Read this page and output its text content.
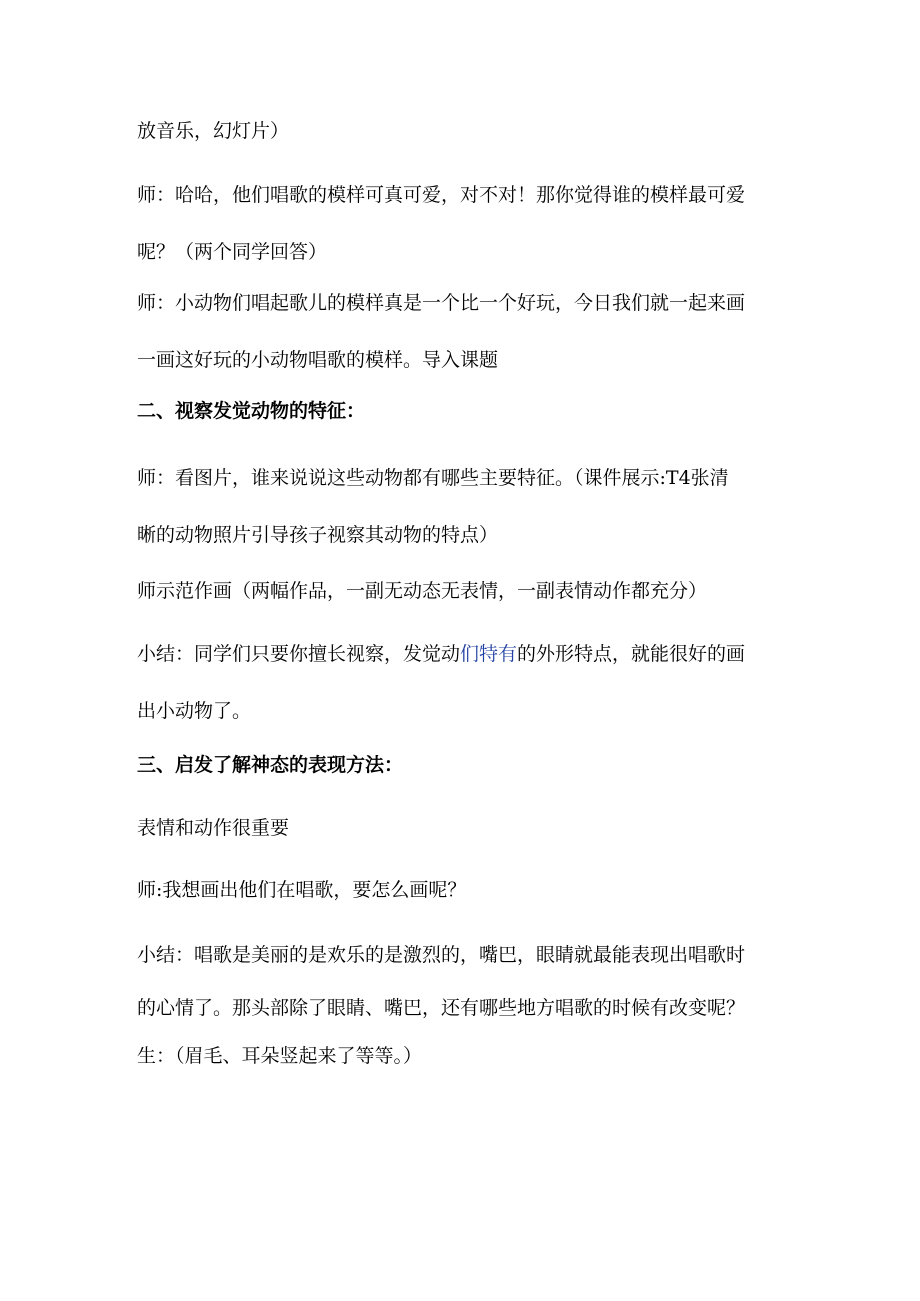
放音乐，幻灯片）

师：哈哈，他们唱歌的模样可真可爱，对不对！那你觉得谁的模样最可爱
呢？（两个同学回答）

师：小动物们唱起歌儿的模样真是一个比一个好玩，今日我们就一起来画
一画这好玩的小动物唱歌的模样。导入课题

二、视察发觉动物的特征：

师：看图片，谁来说说这些动物都有哪些主要特征。（课件展示:T4张清
晰的动物照片引导孩子视察其动物的特点）

师示范作画（两幅作品，一副无动态无表情，一副表情动作都充分）

小结：同学们只要你擅长视察，发觉动们特有的外形特点，就能很好的画
出小动物了。

三、启发了解神态的表现方法：

表情和动作很重要

师:我想画出他们在唱歌，要怎么画呢？

小结：唱歌是美丽的是欢乐的是激烈的，嘴巴，眼睛就最能表现出唱歌时
的心情了。那头部除了眼睛、嘴巴，还有哪些地方唱歌的时候有改变呢？
生：（眉毛、耳朵竖起来了等等。）
